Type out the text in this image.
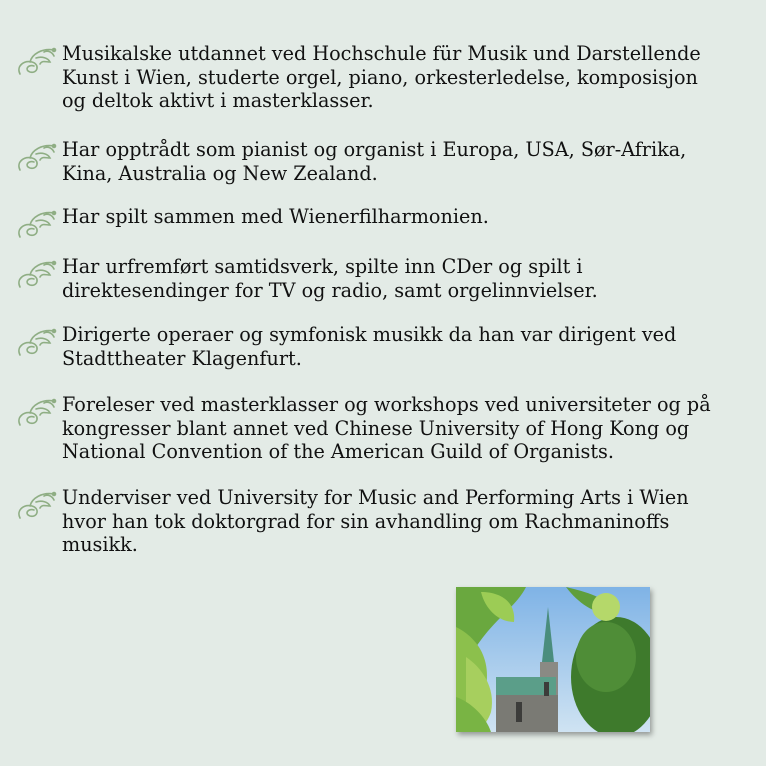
Musikalske utdannet ved Hochschule für Musik und Darstellende
Kunst i Wien, studerte orgel, piano, orkesterledelse, komposisjon
og deltok aktivt i masterklasser.
Har opptrådt som pianist og organist i Europa, USA, Sør-Afrika,
Kina, Australia og New Zealand.
Har spilt sammen med Wienerfilharmonien.
Har urfremført samtidsverk, spilte inn CDer og spilt i
direktesendinger for TV og radio, samt orgelinnvielser.
Dirigerte operaer og symfonisk musikk da han var dirigent ved
Stadttheater Klagenfurt.
Foreleser ved masterklasser og workshops ved universiteter og på
kongresser blant annet ved Chinese University of Hong Kong og
National Convention of the American Guild of Organists.
Underviser ved University for Music and Performing Arts i Wien
hvor han tok doktorgrad for sin avhandling om Rachmaninoffs
musikk.
